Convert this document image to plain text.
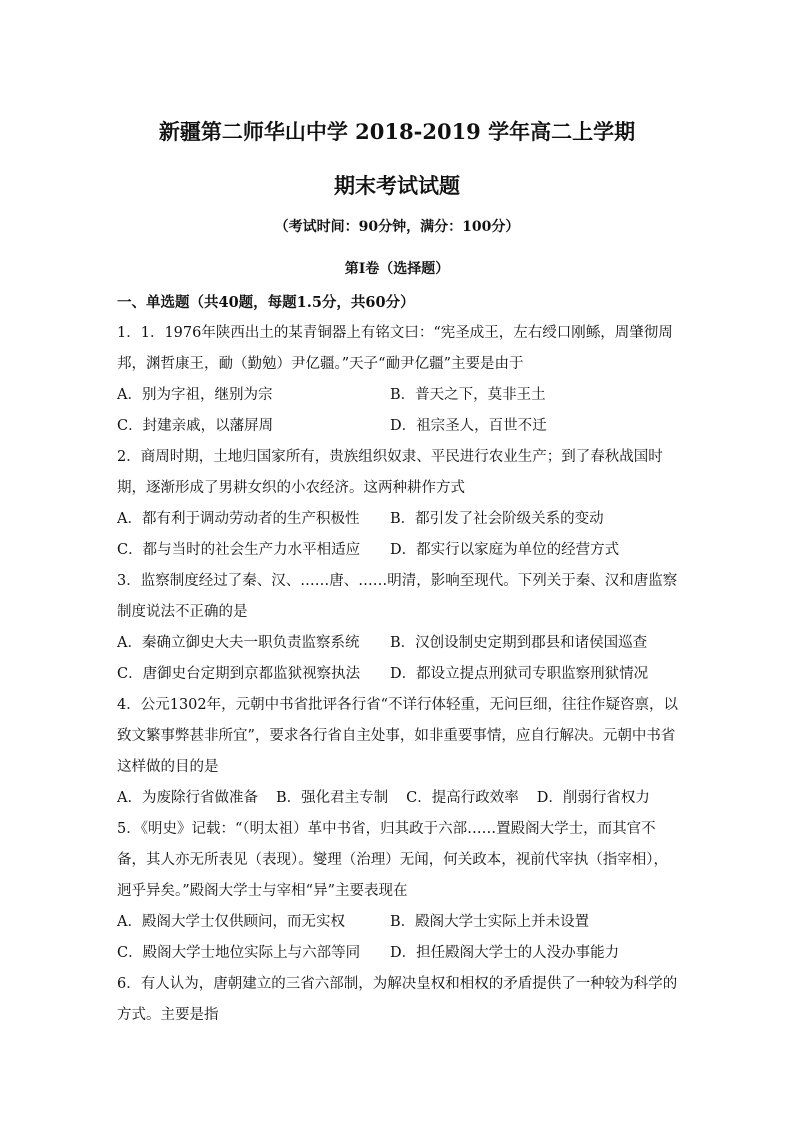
新疆第二师华山中学 2018-2019 学年高二上学期
期末考试试题
（考试时间：90分钟，满分：100分）
第Ⅰ卷（选择题）
一、单选题（共40题，每题1.5分，共60分）
1．1．1976年陕西出土的某青铜器上有铭文曰：“宪圣成王，左右绶口刚鲧，周肇彻周邦，渊哲康王，勔（勤勉）尹亿疆。”天子“勔尹亿疆”主要是由于
A．别为字祖，继别为宗	B．普天之下，莫非王土
C．封建亲戚，以藩屏周	D．祖宗圣人，百世不迁
2．商周时期，土地归国家所有，贵族组织奴隶、平民进行农业生产；到了春秋战国时期，逐渐形成了男耕女织的小农经济。这两种耕作方式
A．都有利于调动劳动者的生产积极性	B．都引发了社会阶级关系的变动
C．都与当时的社会生产力水平相适应	D．都实行以家庭为单位的经营方式
3．监察制度经过了秦、汉、……唐、……明清，影响至现代。下列关于秦、汉和唐监察制度说法不正确的是
A．秦确立御史大夫一职负责监察系统	B．汉创设制史定期到郡县和诸侯国巡查
C．唐御史台定期到京都监狱视察执法	D．都设立提点刑狱司专职监察刑狱情况
4．公元1302年，元朝中书省批评各行省“不详行体轻重，无问巨细，往往作疑咨禀，以致文繁事弊甚非所宜”，要求各行省自主处事，如非重要事情，应自行解决。元朝中书省这样做的目的是
A．为废除行省做准备 B．强化君主专制 C．提高行政效率 D．削弱行省权力
5．《明史》记载：“（明太祖）革中书省，归其政于六部……置殿阁大学士，而其官不备，其人亦无所表见（表现）。燮理（治理）无闻，何关政本，视前代宰执（指宰相），迥乎异矣。”殿阁大学士与宰相“异”主要表现在
A．殿阁大学士仅供顾问，而无实权	B．殿阁大学士实际上并未设置
C．殿阁大学士地位实际上与六部等同	D．担任殿阁大学士的人没办事能力
6．有人认为，唐朝建立的三省六部制，为解决皇权和相权的矛盾提供了一种较为科学的方式。主要是指
